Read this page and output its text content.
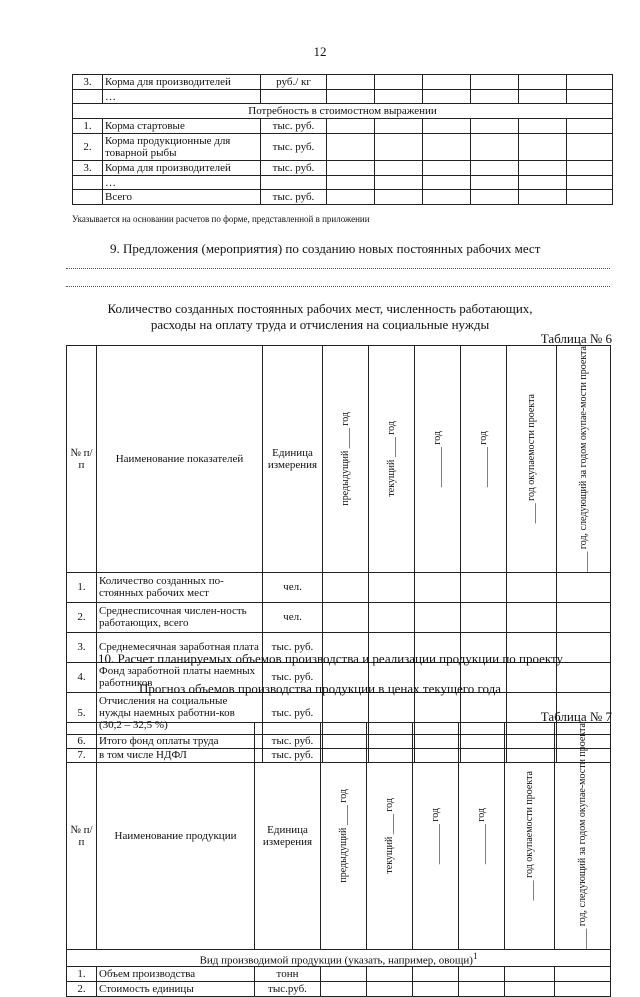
12
3.	Корма для производителей	руб./ кг						
	…							
Потребность в стоимостном выражении								
1.	Корма стартовые	тыс. руб.						
2.	Корма продукционные для товарной рыбы	тыс. руб.						
3.	Корма для производителей	тыс. руб.						
	…							
	Всего	тыс. руб.						
Указывается на основании расчетов по форме, представленной в приложении
9. Предложения (мероприятия) по созданию новых постоянных рабочих мест
Количество созданных постоянных рабочих мест, численность работающих,
расходы на оплату труда и отчисления на социальные нужды
Таблица № 6
№ п/п	Наименование показателей	Единица измерения	предыдущий ____ год	текущий ____ год	________ год	________ год	____ год окупаемости проекта	____ год, следующий за годом окупае-мости проекта

1.	Количество созданных по-стоянных рабочих мест	чел.						
2.	Среднесписочная числен-ность работающих, всего	чел.						
3.	Среднемесячная заработная плата	тыс. руб.						
4.	Фонд заработной платы наемных работников	тыс. руб.						
5.	Отчисления на социальные нужды наемных работни-ков (30,2 – 32,5 %)	тыс. руб.						
6.	Итого фонд оплаты труда	тыс. руб.						
7.	в том числе НДФЛ	тыс. руб.						
10. Расчет планируемых объемов производства и реализации продукции по проекту
Прогноз объемов производства продукции в ценах текущего года
Таблица № 7
№ п/п	Наименование продукции	Единица измерения	предыдущий ____ год	текущий ____ год	________ год	________ год	____ год окупаемости проекта	____ год, следующий за годом окупае-мости проекта

Вид производимой продукции (указать, например, овощи)$^1$
1.	Объем производства	тонн						
2.	Стоимость единицы	тыс.руб.						
